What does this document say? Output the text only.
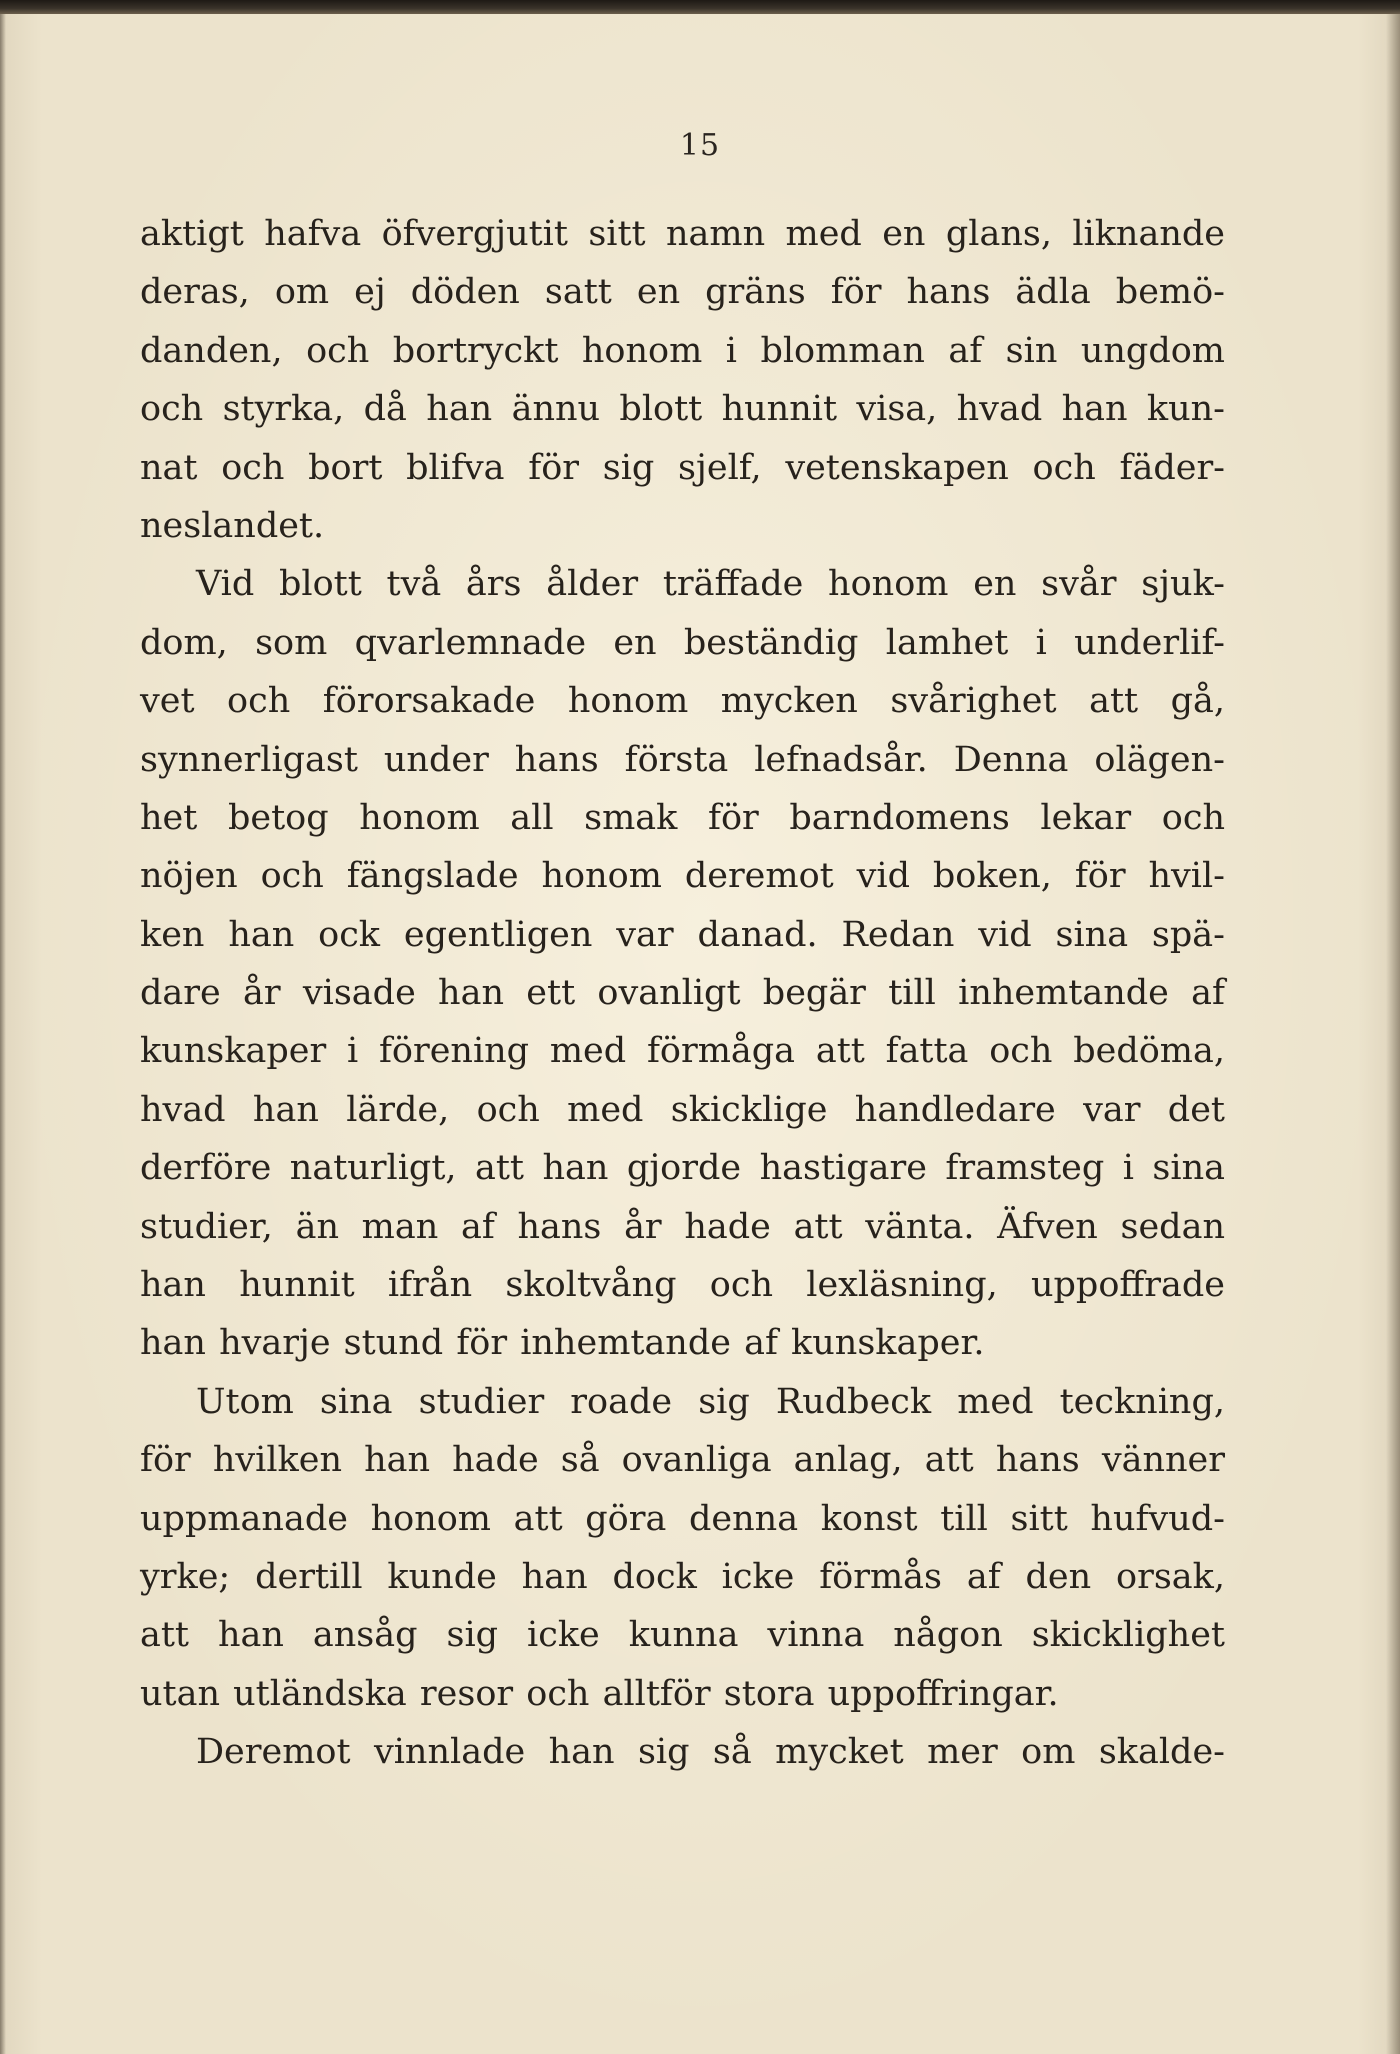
15
aktigt hafva öfvergjutit sitt namn med en glans, liknande
deras, om ej döden satt en gräns för hans ädla bemö-
danden, och bortryckt honom i blomman af sin ungdom
och styrka, då han ännu blott hunnit visa, hvad han kun-
nat och bort blifva för sig sjelf, vetenskapen och fäder-
neslandet.
Vid blott två års ålder träffade honom en svår sjuk-
dom, som qvarlemnade en beständig lamhet i underlif-
vet och förorsakade honom mycken svårighet att gå,
synnerligast under hans första lefnadsår. Denna olägen-
het betog honom all smak för barndomens lekar och
nöjen och fängslade honom deremot vid boken, för hvil-
ken han ock egentligen var danad. Redan vid sina spä-
dare år visade han ett ovanligt begär till inhemtande af
kunskaper i förening med förmåga att fatta och bedöma,
hvad han lärde, och med skicklige handledare var det
derföre naturligt, att han gjorde hastigare framsteg i sina
studier, än man af hans år hade att vänta. Äfven sedan
han hunnit ifrån skoltvång och lexläsning, uppoffrade
han hvarje stund för inhemtande af kunskaper.
Utom sina studier roade sig Rudbeck med teckning,
för hvilken han hade så ovanliga anlag, att hans vänner
uppmanade honom att göra denna konst till sitt hufvud-
yrke; dertill kunde han dock icke förmås af den orsak,
att han ansåg sig icke kunna vinna någon skicklighet
utan utländska resor och alltför stora uppoffringar.
Deremot vinnlade han sig så mycket mer om skalde-
